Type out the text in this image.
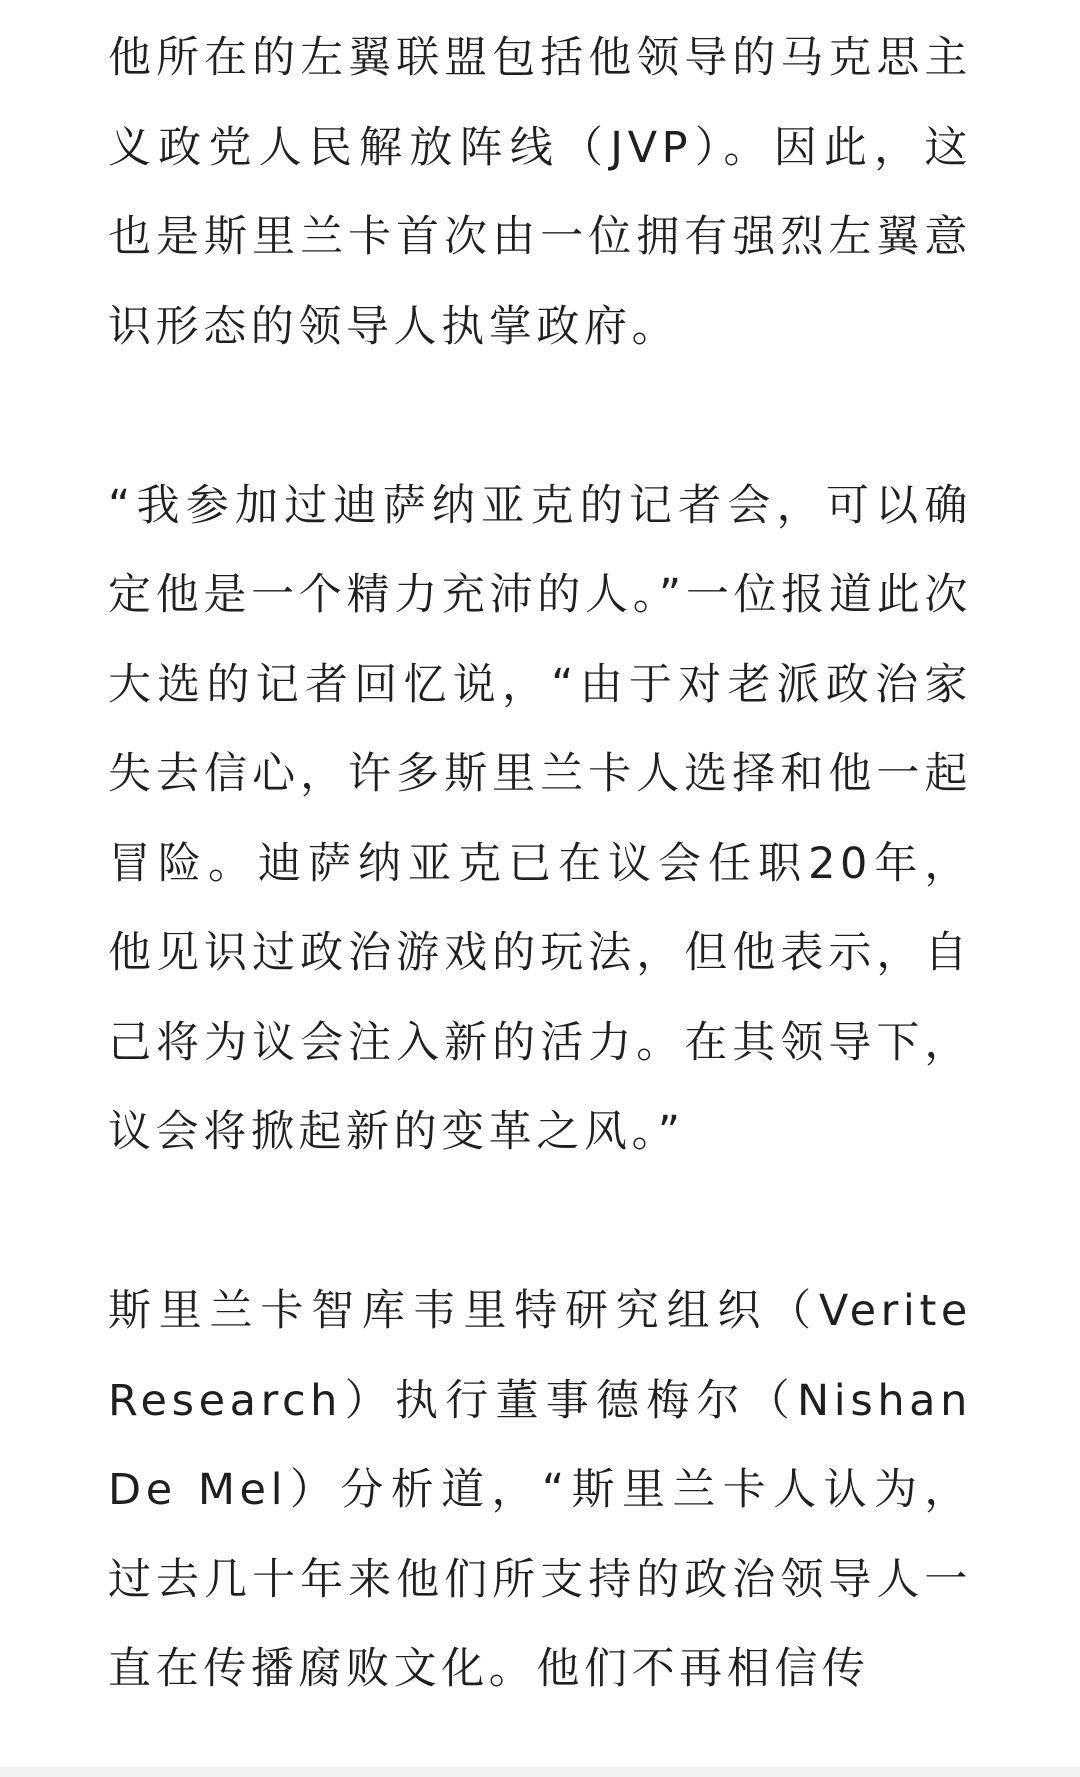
他所在的左翼联盟包括他领导的马克思主义政党人民解放阵线（JVP）。因此，这也是斯里兰卡首次由一位拥有强烈左翼意识形态的领导人执掌政府。

“我参加过迪萨纳亚克的记者会，可以确定他是一个精力充沛的人。”一位报道此次大选的记者回忆说，“由于对老派政治家失去信心，许多斯里兰卡人选择和他一起冒险。迪萨纳亚克已在议会任职20年，他见识过政治游戏的玩法，但他表示，自己将为议会注入新的活力。在其领导下，议会将掀起新的变革之风。”

斯里兰卡智库韦里特研究组织（Verite Research）执行董事德梅尔（Nishan De Mel）分析道，“斯里兰卡人认为，过去几十年来他们所支持的政治领导人一直在传播腐败文化。他们不再相信传
